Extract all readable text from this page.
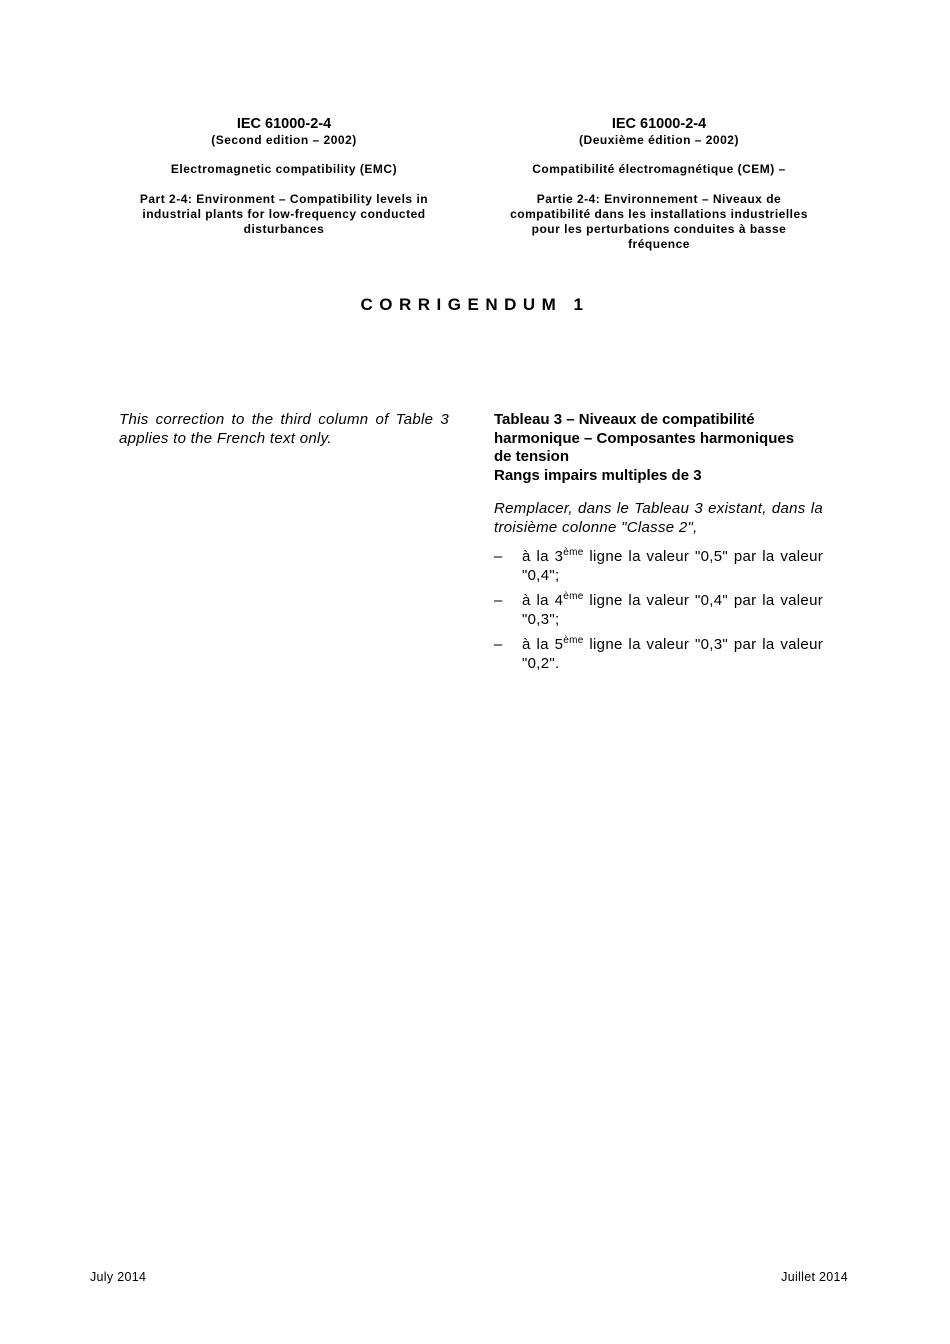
IEC 61000-2-4
(Second edition – 2002)
Electromagnetic compatibility (EMC)
Part 2-4: Environment – Compatibility levels in
industrial plants for low-frequency conducted
disturbances
IEC 61000-2-4
(Deuxième édition – 2002)
Compatibilité électromagnétique (CEM) –
Partie 2-4: Environnement – Niveaux de
compatibilité dans les installations industrielles
pour les perturbations conduites à basse
fréquence
CORRIGENDUM 1
This correction to the third column of Table 3 applies to the French text only.
Tableau 3 – Niveaux de compatibilité
harmonique – Composantes harmoniques
de tension
Rangs impairs multiples de 3
Remplacer, dans le Tableau 3 existant, dans la troisième colonne "Classe 2",
–	à la 3ème ligne la valeur "0,5" par la valeur "0,4";
–	à la 4ème ligne la valeur "0,4" par la valeur "0,3";
–	à la 5ème ligne la valeur "0,3" par la valeur "0,2".
July 2014	Juillet 2014
